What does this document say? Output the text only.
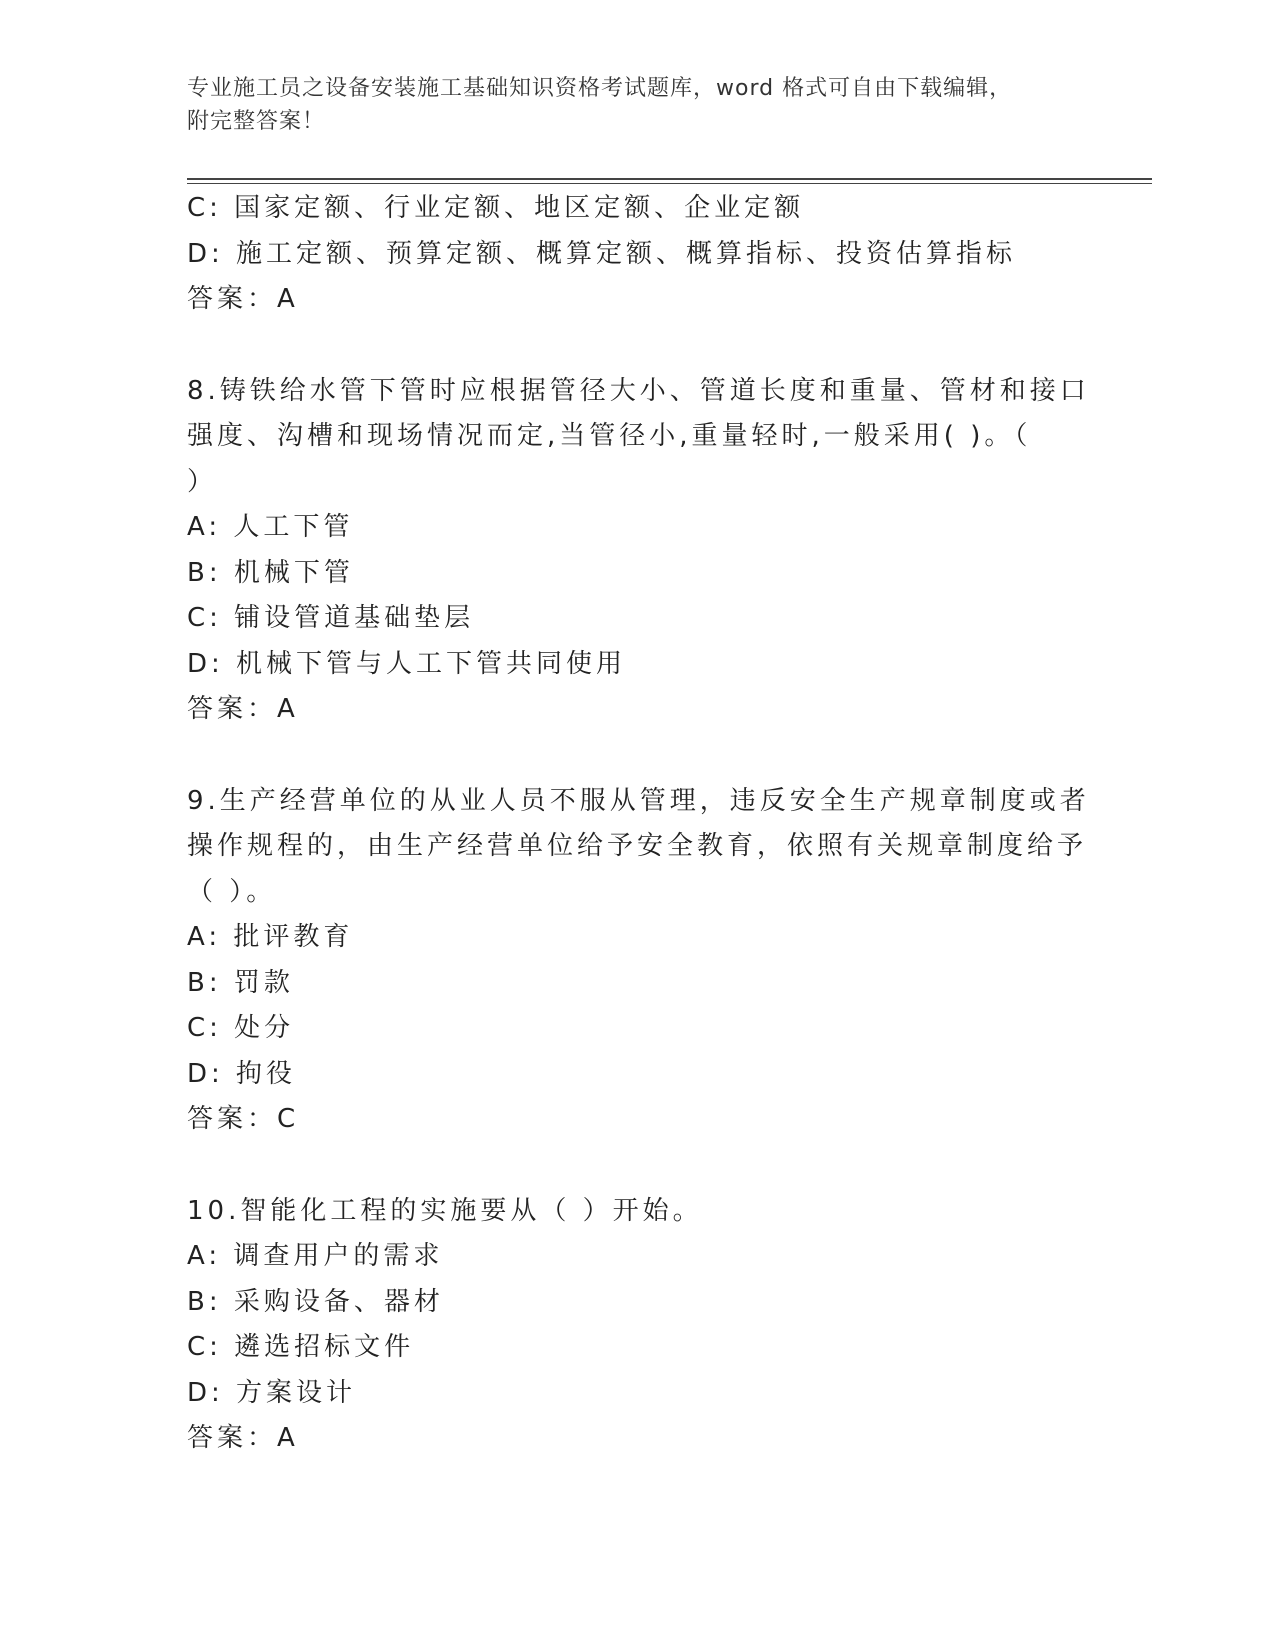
专业施工员之设备安装施工基础知识资格考试题库，word 格式可自由下载编辑，
附完整答案！
C: 国家定额、行业定额、地区定额、企业定额
D: 施工定额、预算定额、概算定额、概算指标、投资估算指标
答案：A
8.铸铁给水管下管时应根据管径大小、管道长度和重量、管材和接口
强度、沟槽和现场情况而定,当管径小,重量轻时,一般采用( )。（
）
A: 人工下管
B: 机械下管
C: 铺设管道基础垫层
D: 机械下管与人工下管共同使用
答案：A
9.生产经营单位的从业人员不服从管理，违反安全生产规章制度或者
操作规程的，由生产经营单位给予安全教育，依照有关规章制度给予
（ ）。
A: 批评教育
B: 罚款
C: 处分
D: 拘役
答案：C
10.智能化工程的实施要从（ ）开始。
A: 调查用户的需求
B: 采购设备、器材
C: 遴选招标文件
D: 方案设计
答案：A
